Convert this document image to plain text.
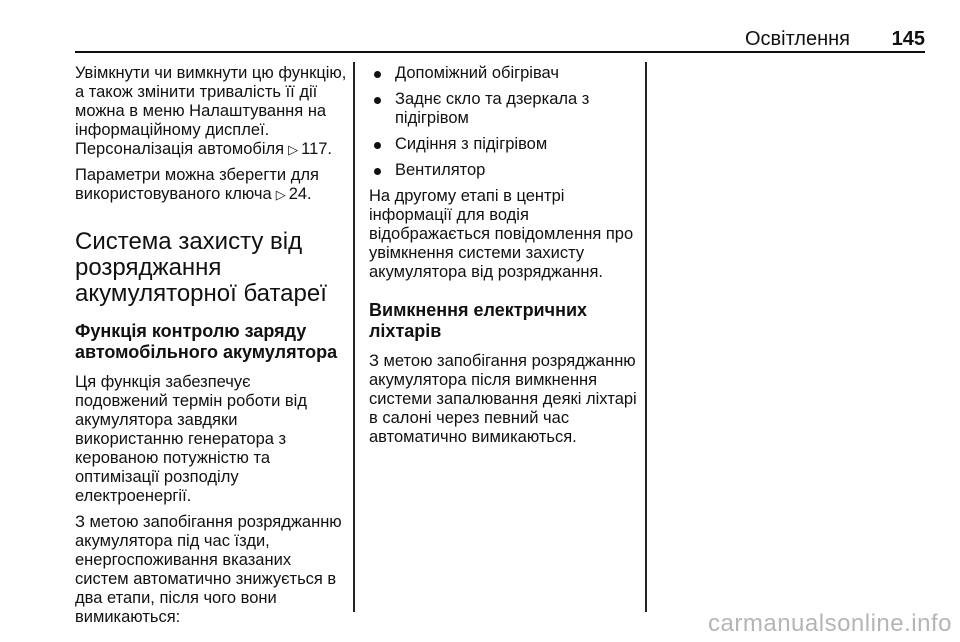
Освітлення 145

Увімкнути чи вимкнути цю функцію, а також змінити тривалість її дії можна в меню Налаштування на інформаційному дисплеї. Персоналізація автомобіля ▷ 117.

Параметри можна зберегти для використовуваного ключа ▷ 24.

Система захисту від розряджання акумуляторної батареї
Функція контролю заряду автомобільного акумулятора

Ця функція забезпечує подовжений термін роботи від акумулятора завдяки використанню генератора з керованою потужністю та оптимізації розподілу електроенергії.

З метою запобігання розряджанню акумулятора під час їзди, енергоспоживання вказаних систем автоматично знижується в два етапи, після чого вони вимикаються:

Допоміжний обігрівач
Заднє скло та дзеркала з підігрівом
Сидіння з підігрівом
Вентилятор

На другому етапі в центрі інформації для водія відображається повідомлення про увімкнення системи захисту акумулятора від розряджання.

Вимкнення електричних ліхтарів

З метою запобігання розряджанню акумулятора після вимкнення системи запалювання деякі ліхтарі в салоні через певний час автоматично вимикаються.

carmanualsonline.info
